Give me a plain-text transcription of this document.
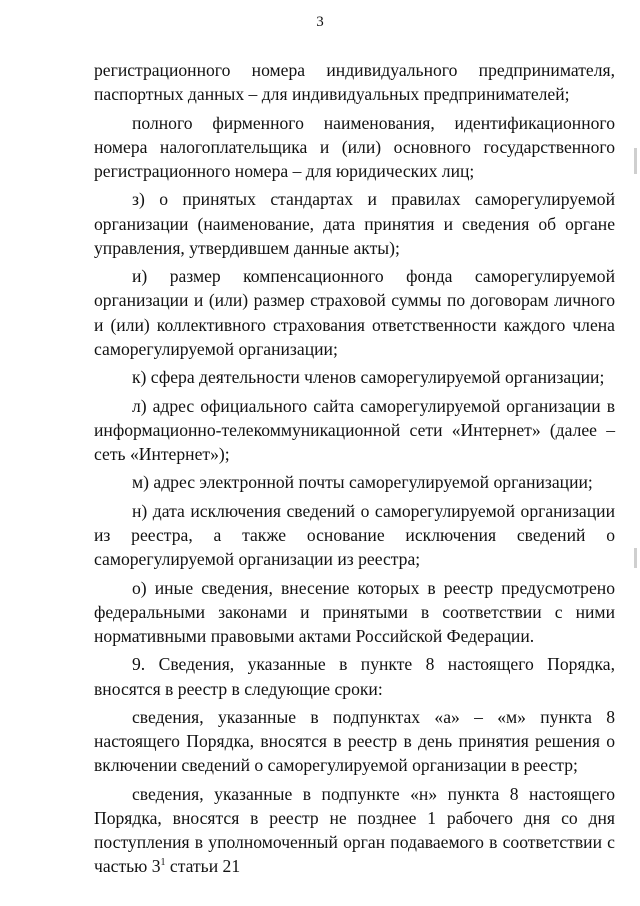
3

регистрационного номера индивидуального предпринимателя, паспортных данных – для индивидуальных предпринимателей;

полного фирменного наименования, идентификационного номера налогоплательщика и (или) основного государственного регистрационного номера – для юридических лиц;

з) о принятых стандартах и правилах саморегулируемой организации (наименование, дата принятия и сведения об органе управления, утвердившем данные акты);

и) размер компенсационного фонда саморегулируемой организации и (или) размер страховой суммы по договорам личного и (или) коллективного страхования ответственности каждого члена саморегулируемой организации;

к) сфера деятельности членов саморегулируемой организации;

л) адрес официального сайта саморегулируемой организации в информационно-телекоммуникационной сети «Интернет» (далее – сеть «Интернет»);

м) адрес электронной почты саморегулируемой организации;

н) дата исключения сведений о саморегулируемой организации из реестра, а также основание исключения сведений о саморегулируемой организации из реестра;

о) иные сведения, внесение которых в реестр предусмотрено федеральными законами и принятыми в соответствии с ними нормативными правовыми актами Российской Федерации.

9. Сведения, указанные в пункте 8 настоящего Порядка, вносятся в реестр в следующие сроки:

сведения, указанные в подпунктах «а» – «м» пункта 8 настоящего Порядка, вносятся в реестр в день принятия решения о включении сведений о саморегулируемой организации в реестр;

сведения, указанные в подпункте «н» пункта 8 настоящего Порядка, вносятся в реестр не позднее 1 рабочего дня со дня поступления в уполномоченный орган подаваемого в соответствии с частью $3^1$ статьи 21
